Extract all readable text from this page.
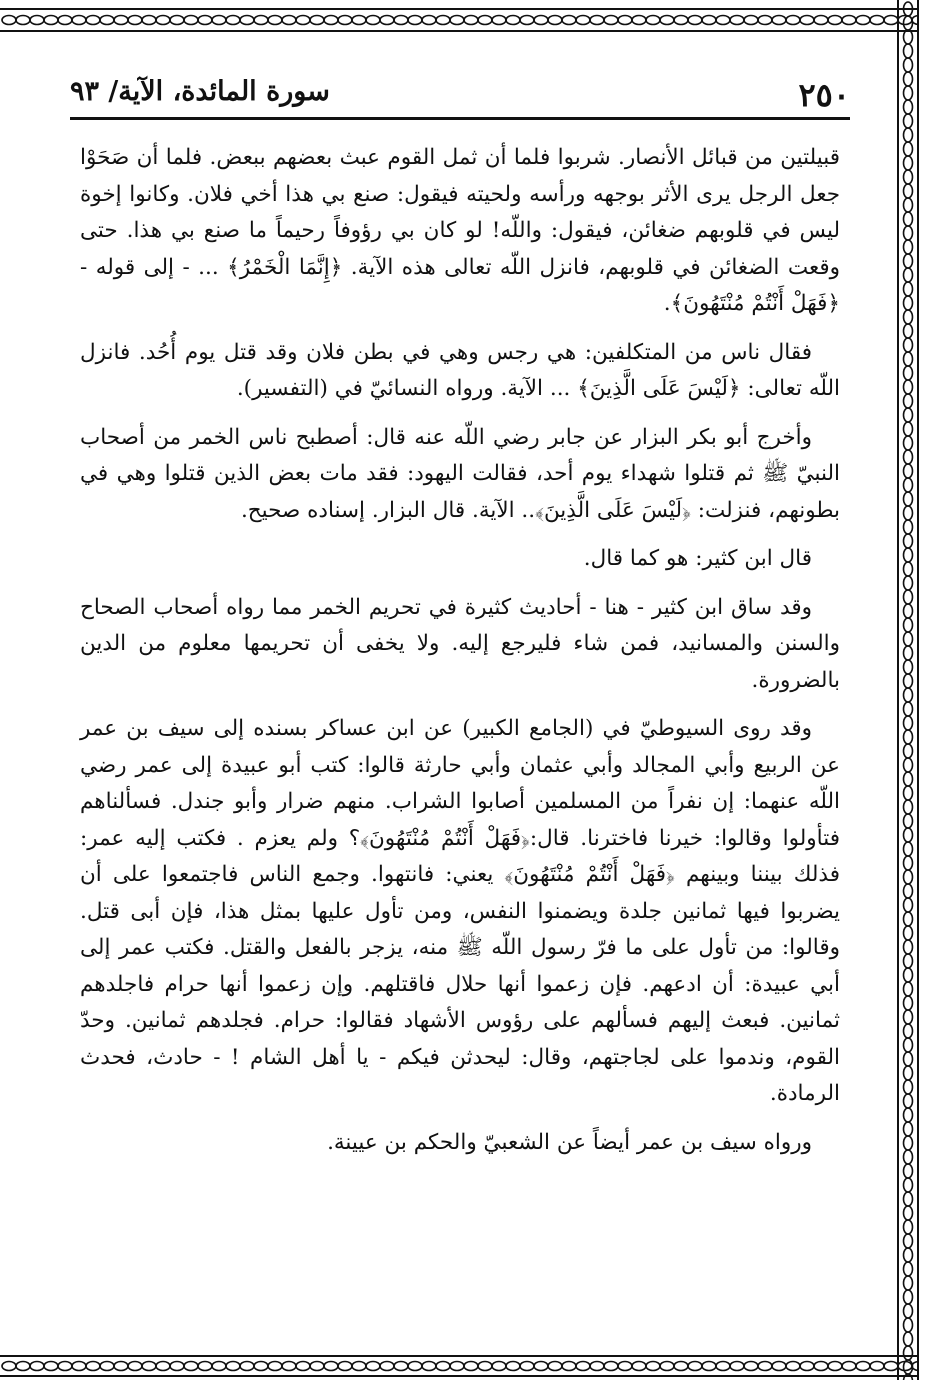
٢٥٠
سورة المائدة، الآية/ ٩٣

قبيلتين من قبائل الأنصار. شربوا فلما أن ثمل القوم عبث بعضهم ببعض. فلما أن صَحَوْا جعل الرجل يرى الأثر بوجهه ورأسه ولحيته فيقول: صنع بي هذا أخي فلان. وكانوا إخوة ليس في قلوبهم ضغائن، فيقول: واللّه! لو كان بي رؤوفاً رحيماً ما صنع بي هذا. حتى وقعت الضغائن في قلوبهم، فانزل اللّه تعالى هذه الآية. ﴿إِنَّمَا الْخَمْرُ﴾ ... - إلى قوله - ﴿فَهَلْ أَنْتُمْ مُنْتَهُونَ﴾.

فقال ناس من المتكلفين: هي رجس وهي في بطن فلان وقد قتل يوم أُحُد. فانزل اللّه تعالى: ﴿لَيْسَ عَلَى الَّذِينَ﴾ ... الآية. ورواه النسائيّ في (التفسير).

وأخرج أبو بكر البزار عن جابر رضي اللّه عنه قال: أصطبح ناس الخمر من أصحاب النبيّ ﷺ ثم قتلوا شهداء يوم أحد، فقالت اليهود: فقد مات بعض الذين قتلوا وهي في بطونهم، فنزلت: ﴿لَيْسَ عَلَى الَّذِينَ﴾.. الآية. قال البزار. إسناده صحيح.

قال ابن كثير: هو كما قال.

وقد ساق ابن كثير - هنا - أحاديث كثيرة في تحريم الخمر مما رواه أصحاب الصحاح والسنن والمسانيد، فمن شاء فليرجع إليه. ولا يخفى أن تحريمها معلوم من الدين بالضرورة.

وقد روى السيوطيّ في (الجامع الكبير) عن ابن عساكر بسنده إلى سيف بن عمر عن الربيع وأبي المجالد وأبي عثمان وأبي حارثة قالوا: كتب أبو عبيدة إلى عمر رضي اللّه عنهما: إن نفراً من المسلمين أصابوا الشراب. منهم ضرار وأبو جندل. فسألناهم فتأولوا وقالوا: خيرنا فاخترنا. قال:﴿فَهَلْ أَنْتُمْ مُنْتَهُونَ﴾؟ ولم يعزم . فكتب إليه عمر: فذلك بيننا وبينهم ﴿فَهَلْ أَنْتُمْ مُنْتَهُونَ﴾ يعني: فانتهوا. وجمع الناس فاجتمعوا على أن يضربوا فيها ثمانين جلدة ويضمنوا النفس، ومن تأول عليها بمثل هذا، فإن أبى قتل. وقالوا: من تأول على ما فرّ رسول اللّه ﷺ منه، يزجر بالفعل والقتل. فكتب عمر إلى أبي عبيدة: أن ادعهم. فإن زعموا أنها حلال فاقتلهم. وإن زعموا أنها حرام فاجلدهم ثمانين. فبعث إليهم فسألهم على رؤوس الأشهاد فقالوا: حرام. فجلدهم ثمانين. وحدّ القوم، وندموا على لجاجتهم، وقال: ليحدثن فيكم - يا أهل الشام ! - حادث، فحدث الرمادة.

ورواه سيف بن عمر أيضاً عن الشعبيّ والحكم بن عيينة.
